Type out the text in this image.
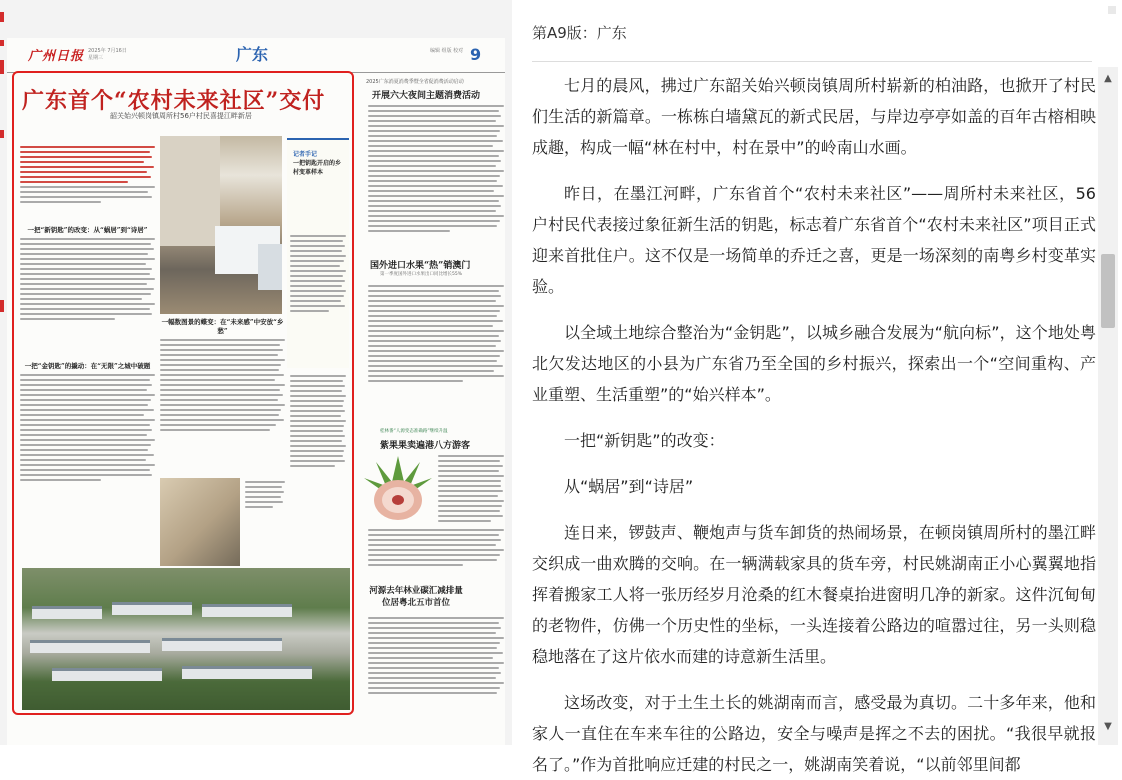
广州日报 2025年 7月16日 星期三	广东	编辑 组版 校对 9
广东首个“农村未来社区”交付
韶关始兴顿岗镇周所村56户村民喜提江畔新居
记者手记
一把钥匙开启的乡村变革样本
一把“新钥匙”的改变：从“蜗居”到“诗居”
一把“金钥匙”的撬动：在“无限”之城中破题
一幅数图景的蝶变：在“未来感”中安放“乡愁”
2025广东消夏消费季暨全省促消费活动启动
开展六大夜间主题消费活动
国外进口水果“热”销澳门
第一季度国外进口水果出口同比增长55%
桂林番“人源变态准确路”继续升温
紫果果卖遍港八方游客
河源去年林业碳汇减排量位居粤北五市首位
第A9版：广东

七月的晨风，拂过广东韶关始兴顿岗镇周所村崭新的柏油路，也掀开了村民们生活的新篇章。一栋栋白墙黛瓦的新式民居，与岸边亭亭如盖的百年古榕相映成趣，构成一幅“林在村中，村在景中”的岭南山水画。

昨日，在墨江河畔，广东省首个“农村未来社区”——周所村未来社区，56户村民代表接过象征新生活的钥匙，标志着广东省首个“农村未来社区”项目正式迎来首批住户。这不仅是一场简单的乔迁之喜，更是一场深刻的南粤乡村变革实验。

以全域土地综合整治为“金钥匙”，以城乡融合发展为“航向标”，这个地处粤北欠发达地区的小县为广东省乃至全国的乡村振兴，探索出一个“空间重构、产业重塑、生活重塑”的“始兴样本”。

一把“新钥匙”的改变：

从“蜗居”到“诗居”

连日来，锣鼓声、鞭炮声与货车卸货的热闹场景，在顿岗镇周所村的墨江畔交织成一曲欢腾的交响。在一辆满载家具的货车旁，村民姚湖南正小心翼翼地指挥着搬家工人将一张历经岁月沧桑的红木餐桌抬进窗明几净的新家。这件沉甸甸的老物件，仿佛一个历史性的坐标，一头连接着公路边的喧嚣过往，另一头则稳稳地落在了这片依水而建的诗意新生活里。

这场改变，对于土生土长的姚湖南而言，感受最为真切。二十多年来，他和家人一直住在车来车往的公路边，安全与噪声是挥之不去的困扰。“我很早就报名了。”作为首批响应迁建的村民之一，姚湖南笑着说，“以前邻里间都

▲
▼
